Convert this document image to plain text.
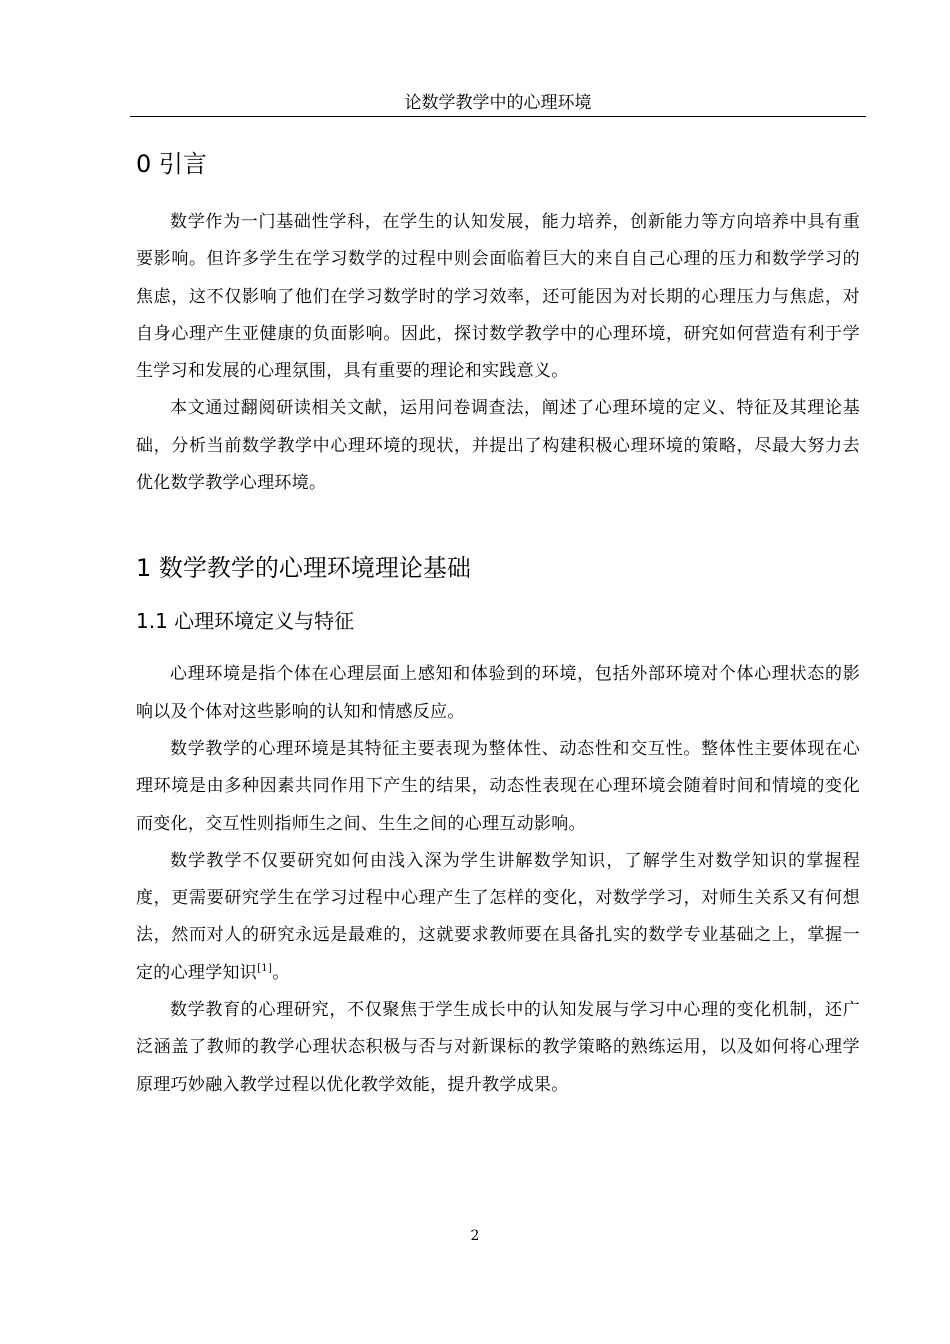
论数学教学中的心理环境
0 引言

数学作为一门基础性学科，在学生的认知发展，能力培养，创新能力等方向培养中具有重要影响。但许多学生在学习数学的过程中则会面临着巨大的来自自己心理的压力和数学学习的焦虑，这不仅影响了他们在学习数学时的学习效率，还可能因为对长期的心理压力与焦虑，对自身心理产生亚健康的负面影响。因此，探讨数学教学中的心理环境，研究如何营造有利于学生学习和发展的心理氛围，具有重要的理论和实践意义。

本文通过翻阅研读相关文献，运用问卷调查法，阐述了心理环境的定义、特征及其理论基础，分析当前数学教学中心理环境的现状，并提出了构建积极心理环境的策略，尽最大努力去优化数学教学心理环境。

1 数学教学的心理环境理论基础
1.1 心理环境定义与特征

心理环境是指个体在心理层面上感知和体验到的环境，包括外部环境对个体心理状态的影响以及个体对这些影响的认知和情感反应。

数学教学的心理环境是其特征主要表现为整体性、动态性和交互性。整体性主要体现在心理环境是由多种因素共同作用下产生的结果，动态性表现在心理环境会随着时间和情境的变化而变化，交互性则指师生之间、生生之间的心理互动影响。

数学教学不仅要研究如何由浅入深为学生讲解数学知识，了解学生对数学知识的掌握程度，更需要研究学生在学习过程中心理产生了怎样的变化，对数学学习，对师生关系又有何想法，然而对人的研究永远是最难的，这就要求教师要在具备扎实的数学专业基础之上，掌握一定的心理学知识[1]。

数学教育的心理研究，不仅聚焦于学生成长中的认知发展与学习中心理的变化机制，还广泛涵盖了教师的教学心理状态积极与否与对新课标的教学策略的熟练运用，以及如何将心理学原理巧妙融入教学过程以优化教学效能，提升教学成果。

2
